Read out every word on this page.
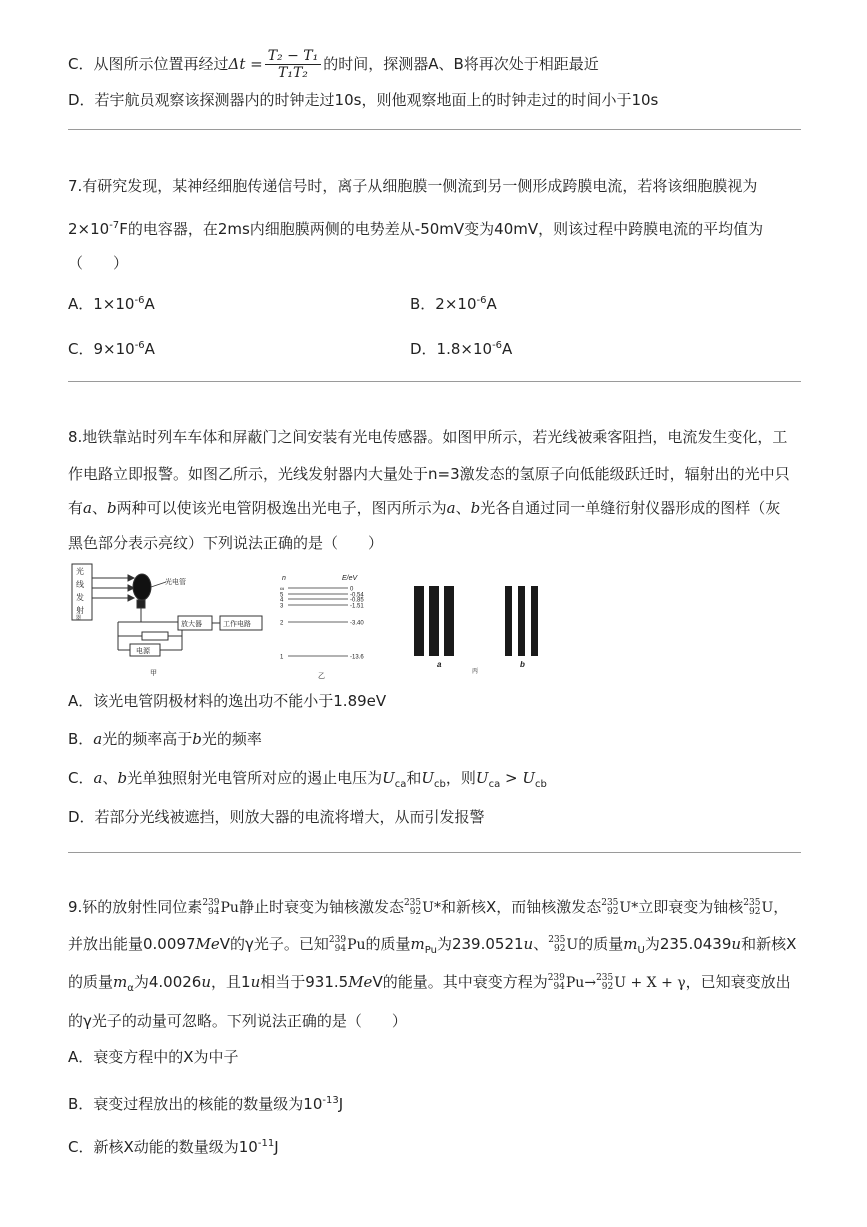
C．从图所示位置再经过$\Delta t = \frac{\text{T₂ − T₁}}{\text{T₁T₂}}$ 的时间，探测器A、B将再次处于相距最近
D．若宇航员观察该探测器内的时钟走过10s，则他观察地面上的时钟走过的时间小于10s
7.有研究发现，某神经细胞传递信号时，离子从细胞膜一侧流到另一侧形成跨膜电流，若将该细胞膜视为
$2\times 10^{-7}F$的电容器，在2ms内细胞膜两侧的电势差从-50mV变为40mV，则该过程中跨膜电流的平均值为
（　　）
A．$1\times 10^{-6}A$	B．$2\times 10^{-6}A$
C．$9\times 10^{-6}A$	D．$1.8\times 10^{-6}A$
8.地铁靠站时列车车体和屏蔽门之间安装有光电传感器。如图甲所示，若光线被乘客阻挡，电流发生变化，工
作电路立即报警。如图乙所示，光线发射器内大量处于n=3激发态的氢原子向低能级跃迁时，辐射出的光中只
有a、b两种可以使该光电管阴极逸出光电子，图丙所示为a、b光各自通过同一单缝衍射仪器形成的图样（灰
黑色部分表示亮纹）下列说法正确的是（　　）
光
线
发
射
器
光电管
放大器	工作电路
电源
甲
n	E/eV
∞	0
5	-0.54
4	-0.85
3	-1.51
2	-3.40
1	-13.6
乙
a	b
丙
A．该光电管阴极材料的逸出功不能小于1.89eV
B．a光的频率高于b光的频率
C．a、b光单独照射光电管所对应的遏止电压为$U_{ca}$和$U_{cb}$，则$U_{ca} > U_{cb}$
D．若部分光线被遮挡，则放大器的电流将增大，从而引发报警
9.钚的放射性同位素 239
94 Pu静止时衰变为铀核激发态 235
92 U*和新核X，而铀核激发态 235
92 U*立即衰变为铀核 235
92 U，
并放出能量0.0097MeV的γ光子。已知 239
94 Pu的质量$m_{Pu}$为239.0521u、 235
92 U的质量$m_U$为235.0439u和新核X
的质量$m_\alpha$为4.0026u，且1u相当于931.5MeV的能量。其中衰变方程为 239
94 Pu→ 235
92 U + X + γ，已知衰变放出
的γ光子的动量可忽略。下列说法正确的是（　　）
A．衰变方程中的X为中子
B．衰变过程放出的核能的数量级为$10^{-13}J$
C．新核X动能的数量级为$10^{-11}J$
